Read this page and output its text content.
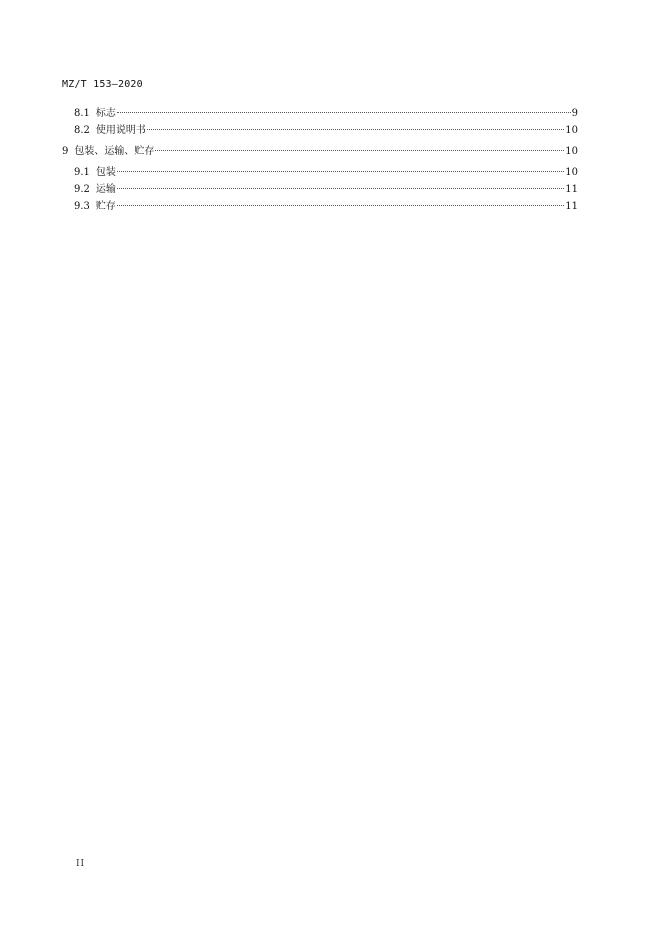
MZ/T 153—2020
8.1 标志	9
8.2 使用说明书	10
9 包装、运输、贮存	10
9.1 包装	10
9.2 运输	11
9.3 贮存	11
II
